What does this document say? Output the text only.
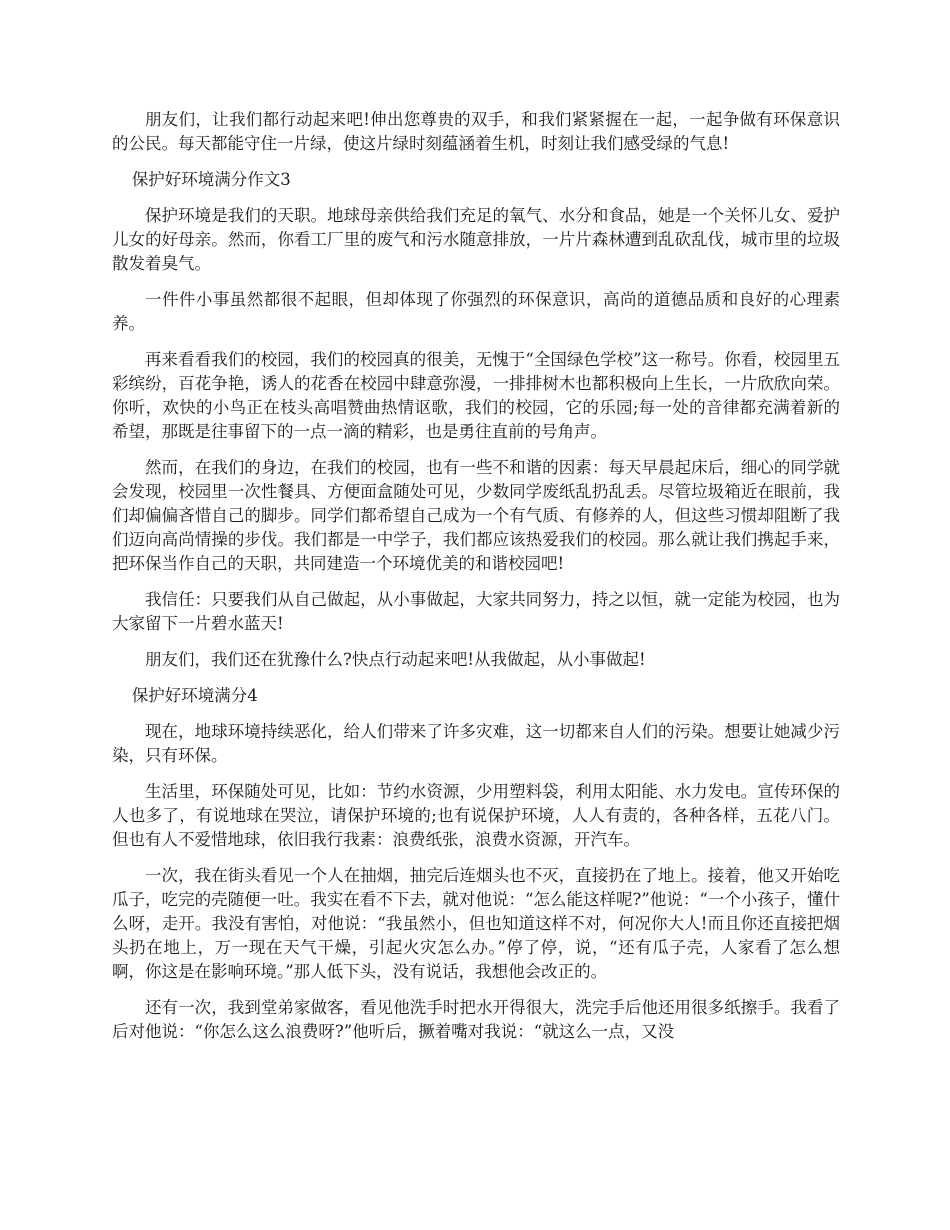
朋友们，让我们都行动起来吧!伸出您尊贵的双手，和我们紧紧握在一起，一起争做有环保意识的公民。每天都能守住一片绿，使这片绿时刻蕴涵着生机，时刻让我们感受绿的气息!

保护好环境满分作文3

保护环境是我们的天职。地球母亲供给我们充足的氧气、水分和食品，她是一个关怀儿女、爱护儿女的好母亲。然而，你看工厂里的废气和污水随意排放，一片片森林遭到乱砍乱伐，城市里的垃圾散发着臭气。

一件件小事虽然都很不起眼，但却体现了你强烈的环保意识，高尚的道德品质和良好的心理素养。

再来看看我们的校园，我们的校园真的很美，无愧于“全国绿色学校”这一称号。你看，校园里五彩缤纷，百花争艳，诱人的花香在校园中肆意弥漫，一排排树木也都积极向上生长，一片欣欣向荣。你听，欢快的小鸟正在枝头高唱赞曲热情讴歌，我们的校园，它的乐园;每一处的音律都充满着新的希望，那既是往事留下的一点一滴的精彩，也是勇往直前的号角声。

然而，在我们的身边，在我们的校园，也有一些不和谐的因素：每天早晨起床后，细心的同学就会发现，校园里一次性餐具、方便面盒随处可见，少数同学废纸乱扔乱丢。尽管垃圾箱近在眼前，我们却偏偏吝惜自己的脚步。同学们都希望自己成为一个有气质、有修养的人，但这些习惯却阻断了我们迈向高尚情操的步伐。我们都是一中学子，我们都应该热爱我们的校园。那么就让我们携起手来，把环保当作自己的天职，共同建造一个环境优美的和谐校园吧!

我信任：只要我们从自己做起，从小事做起，大家共同努力，持之以恒，就一定能为校园，也为大家留下一片碧水蓝天!

朋友们，我们还在犹豫什么?快点行动起来吧!从我做起，从小事做起!

保护好环境满分4

现在，地球环境持续恶化，给人们带来了许多灾难，这一切都来自人们的污染。想要让她减少污染，只有环保。

生活里，环保随处可见，比如：节约水资源，少用塑料袋，利用太阳能、水力发电。宣传环保的人也多了，有说地球在哭泣，请保护环境的;也有说保护环境，人人有责的，各种各样，五花八门。但也有人不爱惜地球，依旧我行我素：浪费纸张，浪费水资源，开汽车。

一次，我在街头看见一个人在抽烟，抽完后连烟头也不灭，直接扔在了地上。接着，他又开始吃瓜子，吃完的壳随便一吐。我实在看不下去，就对他说：“怎么能这样呢?”他说：“一个小孩子，懂什么呀，走开。我没有害怕，对他说：“我虽然小，但也知道这样不对，何况你大人!而且你还直接把烟头扔在地上，万一现在天气干燥，引起火灾怎么办。”停了停，说，“还有瓜子壳，人家看了怎么想啊，你这是在影响环境。”那人低下头，没有说话，我想他会改正的。

还有一次，我到堂弟家做客，看见他洗手时把水开得很大，洗完手后他还用很多纸擦手。我看了后对他说：“你怎么这么浪费呀?”他听后，撅着嘴对我说：“就这么一点，又没
